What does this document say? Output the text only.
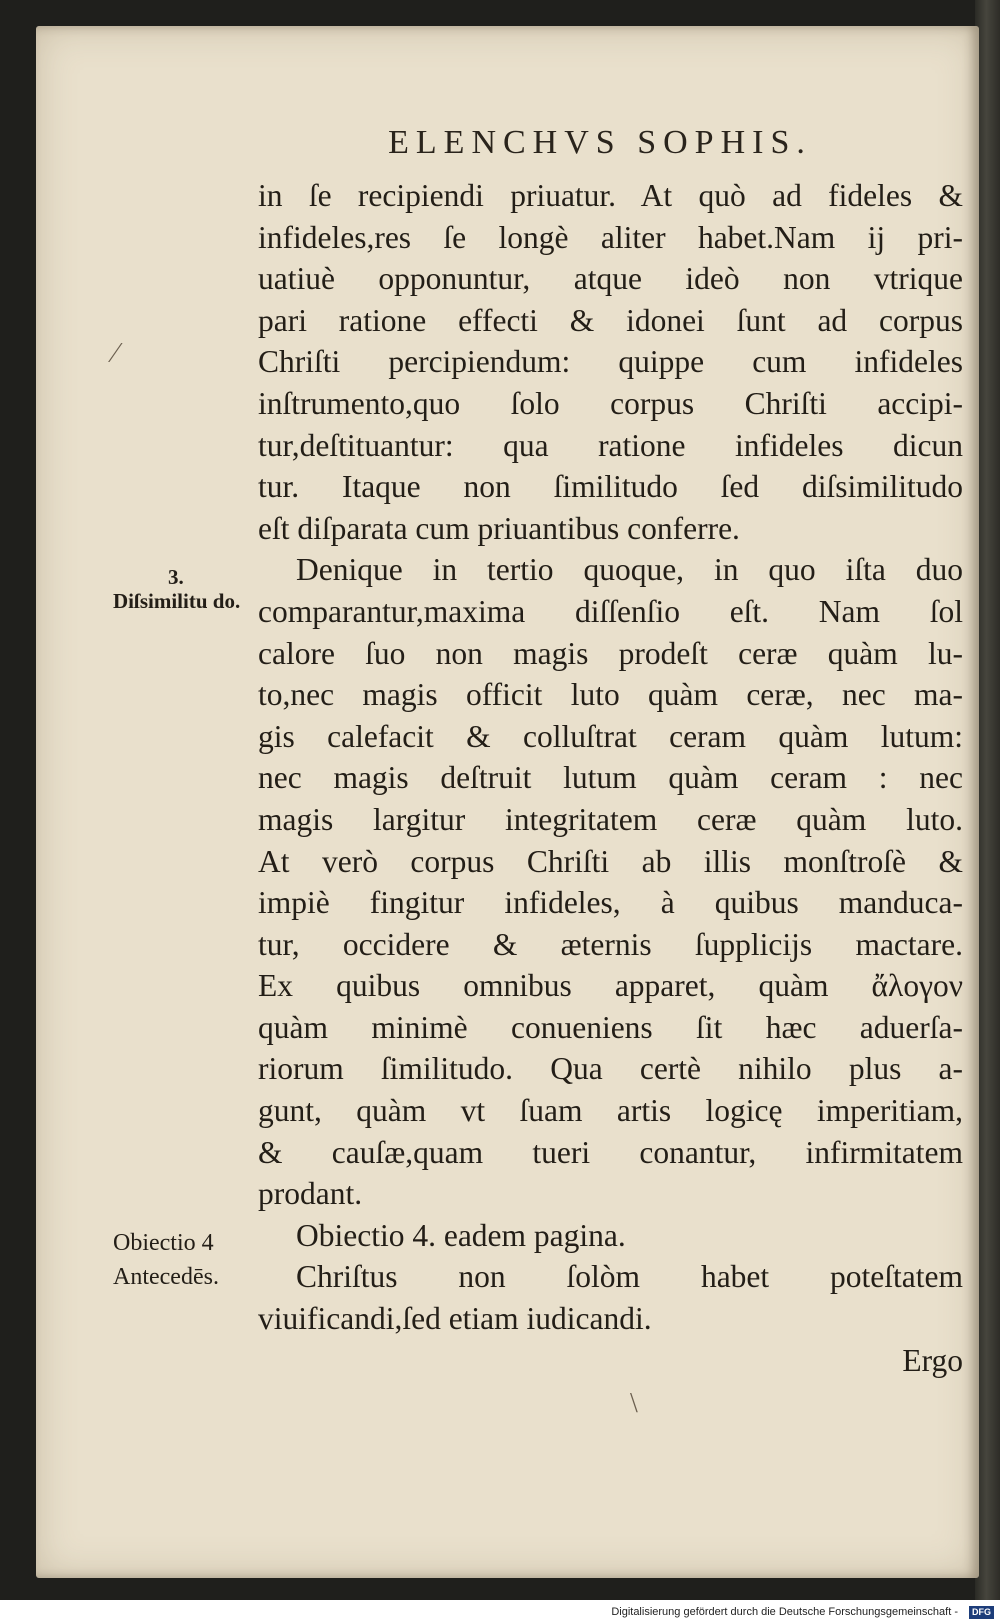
ELENCHVS SOPHIS.
⁄
\
in ſe recipiendi priuatur. At quò ad fideles &
infideles,res ſe longè aliter habet.Nam ij pri-
uatiuè opponuntur, atque ideò non vtrique
pari ratione effecti & idonei ſunt ad corpus
Chriſti percipiendum: quippe cum infideles
inſtrumento,quo ſolo corpus Chriſti accipi-
tur,deſtituantur: qua ratione infideles dicun
tur. Itaque non ſimilitudo ſed diſsimilitudo
eſt diſparata cum priuantibus conferre.
Denique in tertio quoque, in quo iſta duo
comparantur,maxima diſſenſio eſt. Nam ſol
calore ſuo non magis prodeſt ceræ quàm lu-
to,nec magis officit luto quàm ceræ, nec ma-
gis calefacit & colluſtrat ceram quàm lutum:
nec magis deſtruit lutum quàm ceram : nec
magis largitur integritatem ceræ quàm luto.
At verò corpus Chriſti ab illis monſtroſè &
impiè fingitur infideles, à quibus manduca-
tur, occidere & æternis ſupplicijs mactare.
Ex quibus omnibus apparet, quàm ἄλογον
quàm minimè conueniens ſit hæc aduerſa-
riorum ſimilitudo. Qua certè nihilo plus a-
gunt, quàm vt ſuam artis logicę imperitiam,
& cauſæ,quam tueri conantur, infirmitatem
prodant.
Obiectio 4. eadem pagina.
Chriſtus non ſolòm habet poteſtatem
viuificandi,ſed etiam iudicandi.
Ergo
3.
Diſsimilitu do.
Obiectio 4
Antecedēs.
Digitalisierung gefördert durch die Deutsche Forschungsgemeinschaft -	DFG
